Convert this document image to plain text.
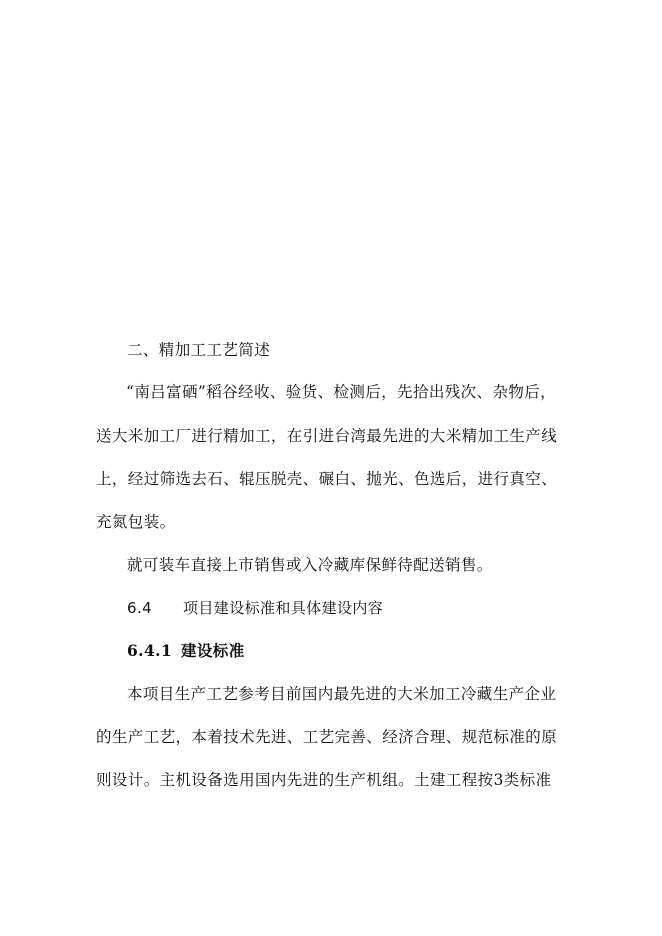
二、精加工工艺简述
“南吕富硒”稻谷经收、验货、检测后，先拾出残次、杂物后，
送大米加工厂进行精加工，在引进台湾最先进的大米精加工生产线
上，经过筛选去石、辊压脱壳、碾白、抛光、色选后，进行真空、
充氮包装。
就可装车直接上市销售或入冷藏库保鲜待配送销售。
6.4 项目建设标准和具体建设内容
6.4.1 建设标准
本项目生产工艺参考目前国内最先进的大米加工冷藏生产企业
的生产工艺，本着技术先进、工艺完善、经济合理、规范标准的原
则设计。主机设备选用国内先进的生产机组。土建工程按3类标准
